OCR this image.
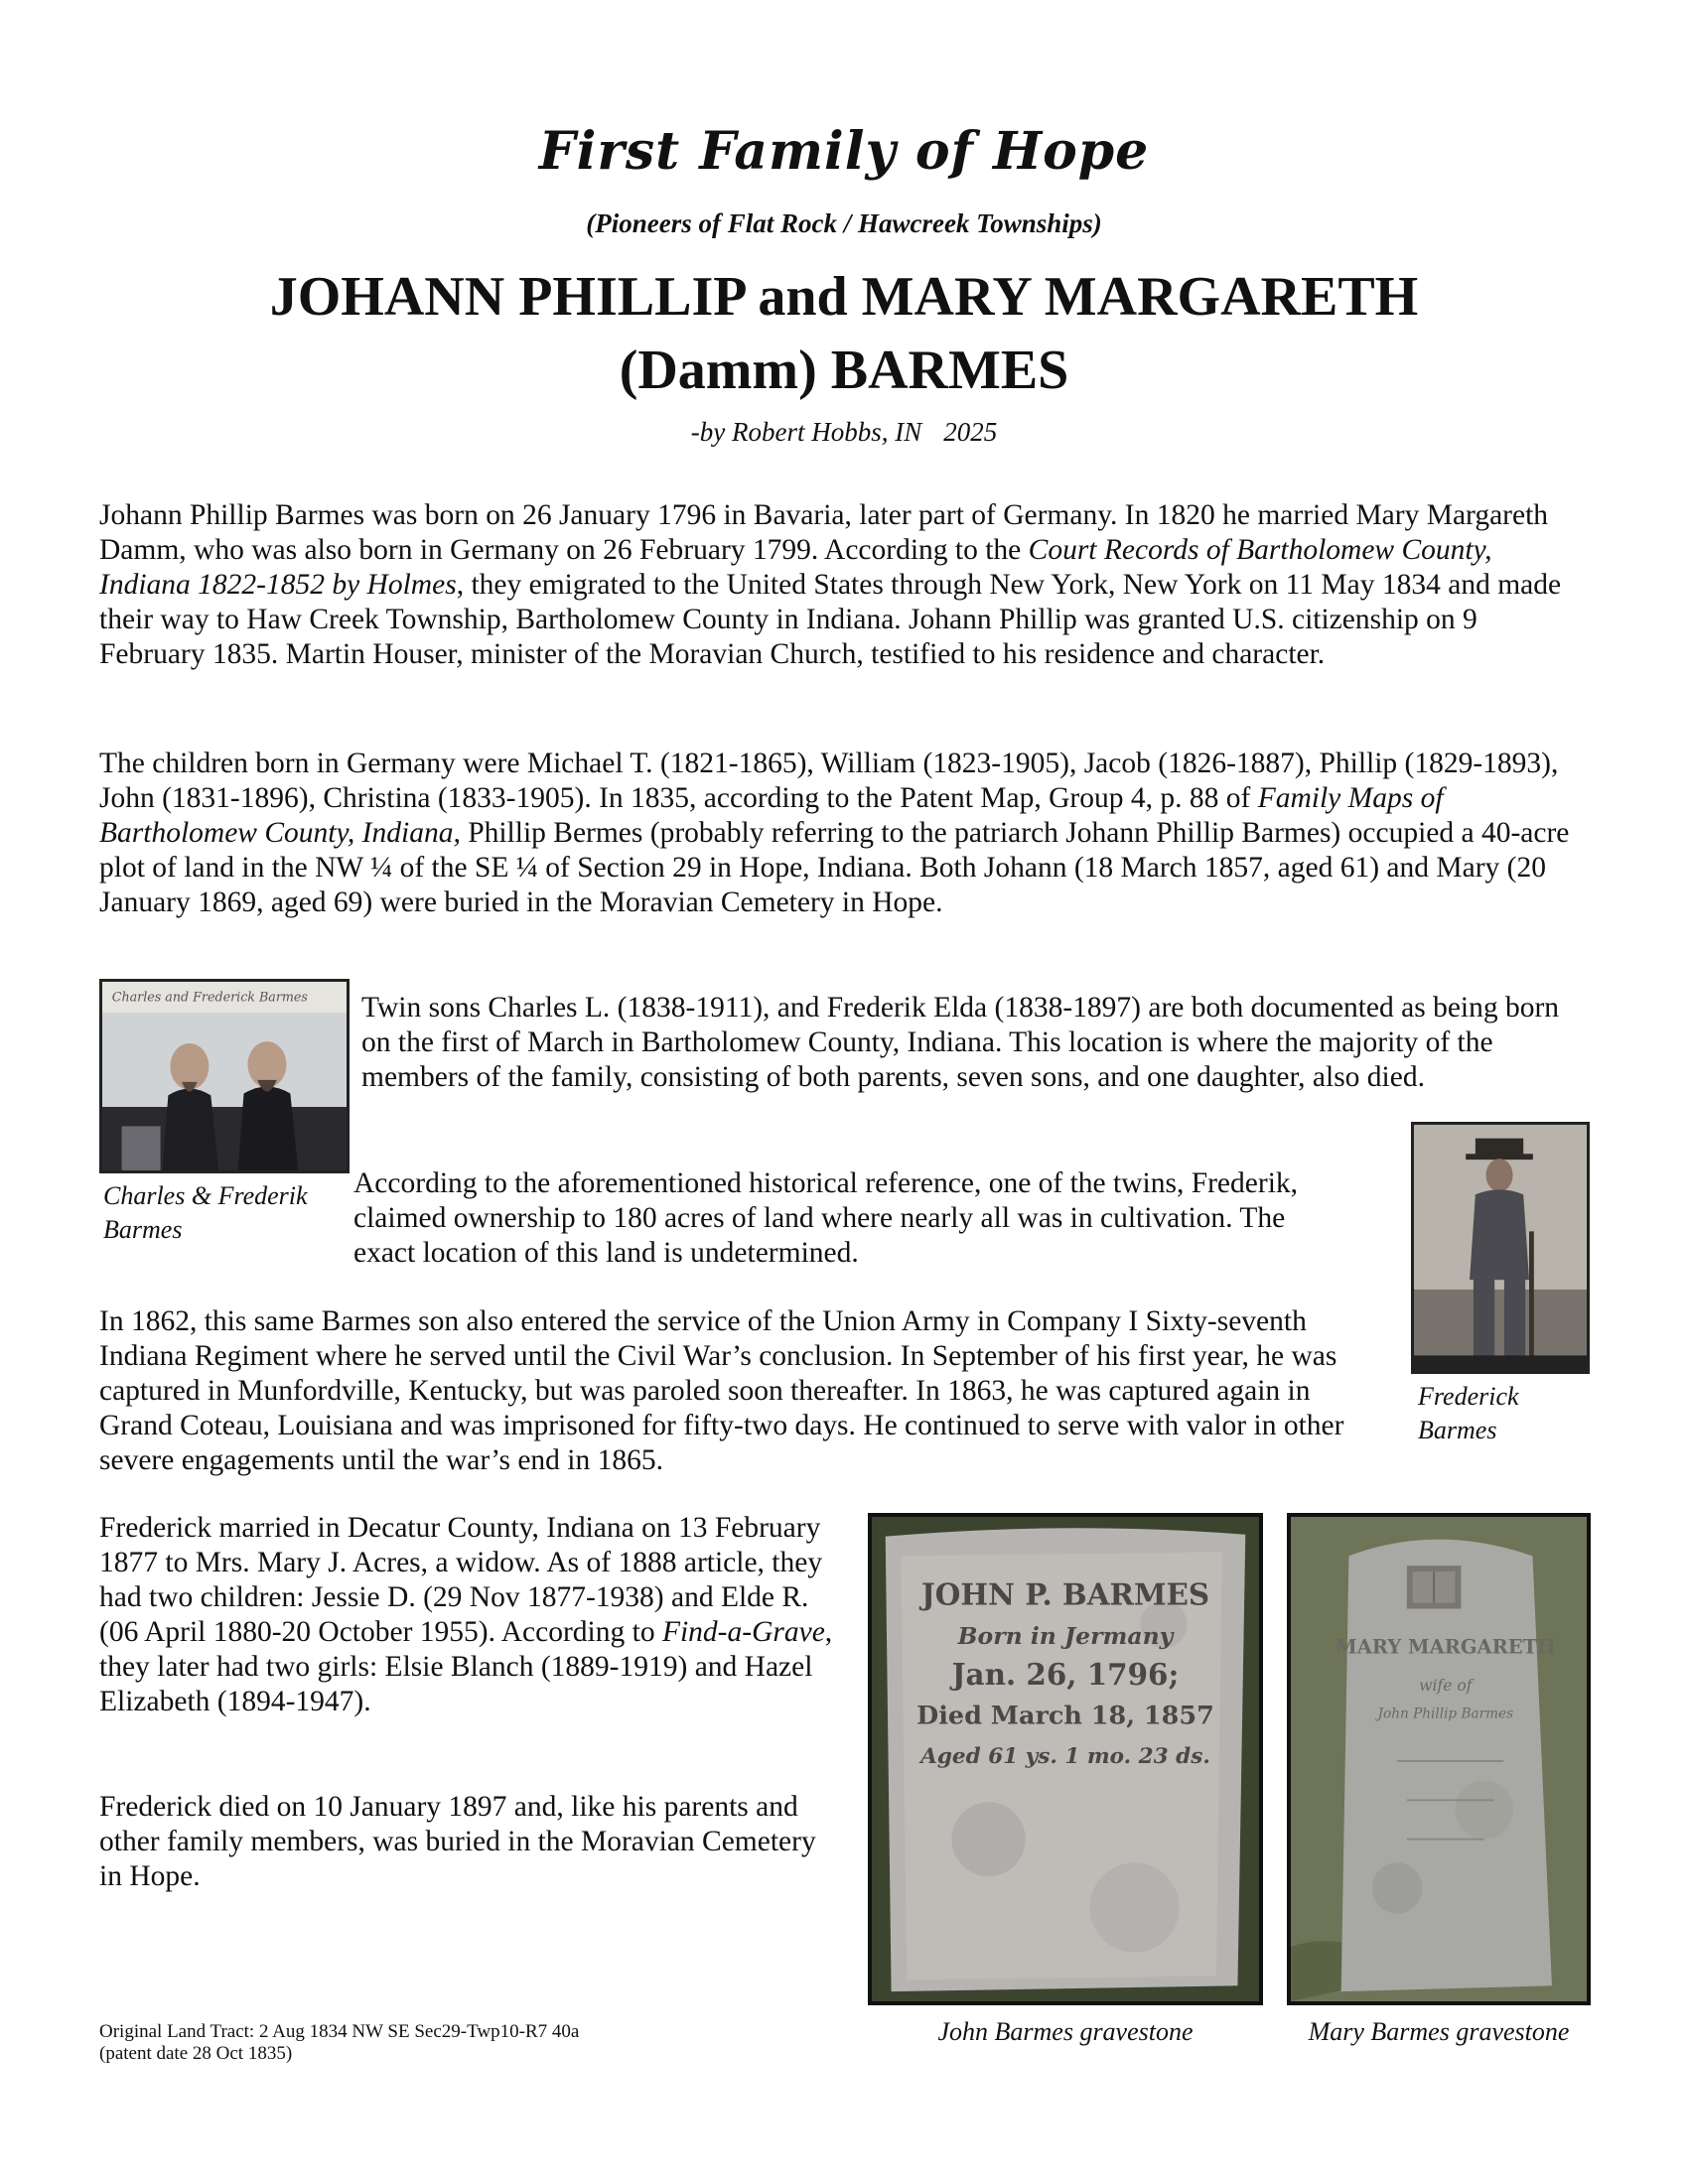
First Family of Hope
(Pioneers of Flat Rock / Hawcreek Townships)
JOHANN PHILLIP and MARY MARGARETH
(Damm) BARMES
-by Robert Hobbs, IN 2025

Johann Phillip Barmes was born on 26 January 1796 in Bavaria, later part of Germany. In 1820 he married Mary Margareth Damm, who was also born in Germany on 26 February 1799. According to the Court Records of Bartholomew County, Indiana 1822-1852 by Holmes, they emigrated to the United States through New York, New York on 11 May 1834 and made their way to Haw Creek Township, Bartholomew County in Indiana. Johann Phillip was granted U.S. citizenship on 9 February 1835. Martin Houser, minister of the Moravian Church, testified to his residence and character.

The children born in Germany were Michael T. (1821-1865), William (1823-1905), Jacob (1826-1887), Phillip (1829-1893), John (1831-1896), Christina (1833-1905). In 1835, according to the Patent Map, Group 4, p. 88 of Family Maps of Bartholomew County, Indiana, Phillip Bermes (probably referring to the patriarch Johann Phillip Barmes) occupied a 40-acre plot of land in the NW ¼ of the SE ¼ of Section 29 in Hope, Indiana. Both Johann (18 March 1857, aged 61) and Mary (20 January 1869, aged 69) were buried in the Moravian Cemetery in Hope.

Charles and Frederick Barmes
Charles & Frederik
Barmes

Twin sons Charles L. (1838-1911), and Frederik Elda (1838-1897) are both documented as being born on the first of March in Bartholomew County, Indiana. This location is where the majority of the members of the family, consisting of both parents, seven sons, and one daughter, also died.

According to the aforementioned historical reference, one of the twins, Frederik, claimed ownership to 180 acres of land where nearly all was in cultivation. The exact location of this land is undetermined.

Frederick
Barmes

In 1862, this same Barmes son also entered the service of the Union Army in Company I Sixty-seventh Indiana Regiment where he served until the Civil War’s conclusion. In September of his first year, he was captured in Munfordville, Kentucky, but was paroled soon thereafter. In 1863, he was captured again in Grand Coteau, Louisiana and was imprisoned for fifty-two days. He continued to serve with valor in other severe engagements until the war’s end in 1865.

Frederick married in Decatur County, Indiana on 13 February 1877 to Mrs. Mary J. Acres, a widow. As of 1888 article, they had two children: Jessie D. (29 Nov 1877-1938) and Elde R. (06 April 1880-20 October 1955). According to Find-a-Grave, they later had two girls: Elsie Blanch (1889-1919) and Hazel Elizabeth (1894-1947).

Frederick died on 10 January 1897 and, like his parents and other family members, was buried in the Moravian Cemetery in Hope.

JOHN P. BARMES
Born in Jermany
Jan. 26, 1796;
Died March 18, 1857
Aged 61 ys. 1 mo. 23 ds.
John Barmes gravestone
MARY MARGARETH
wife of
John Phillip Barmes
Mary Barmes gravestone
Original Land Tract: 2 Aug 1834 NW SE Sec29-Twp10-R7 40a
(patent date 28 Oct 1835)
